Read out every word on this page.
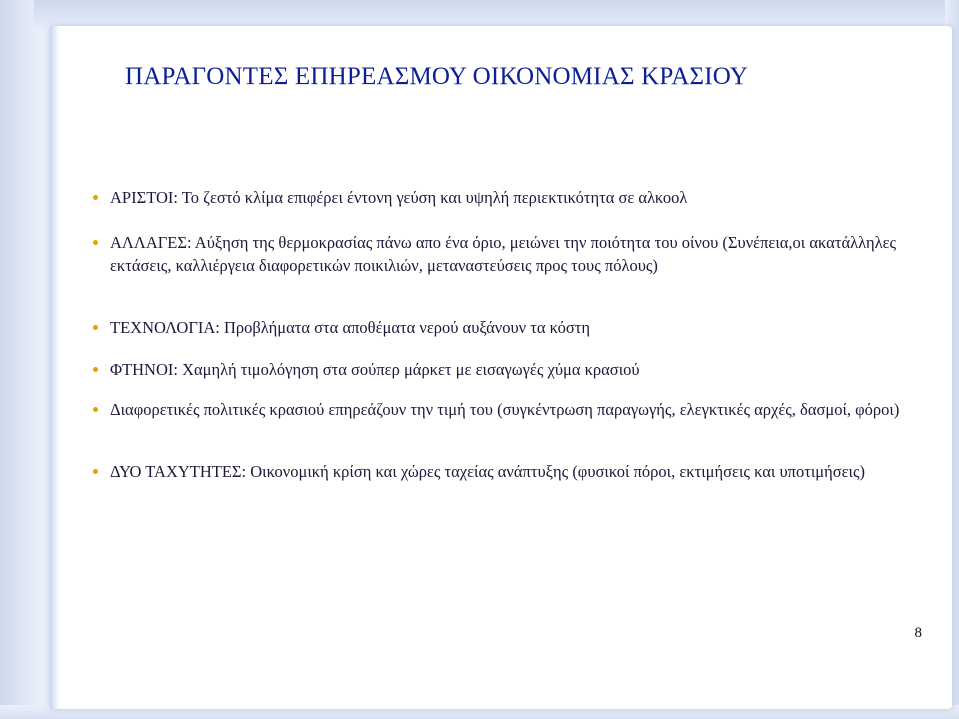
ΠΑΡΑΓΟΝΤΕΣ ΕΠΗΡΕΑΣΜΟΥ ΟΙΚΟΝΟΜΙΑΣ ΚΡΑΣΙΟΥ
ΑΡΙΣΤΟΙ: Το ζεστό κλίμα επιφέρει έντονη γεύση και υψηλή περιεκτικότητα σε αλκοολ
ΑΛΛΑΓΕΣ: Αύξηση της θερμοκρασίας πάνω απο ένα όριο, μειώνει την ποιότητα του οίνου (Συνέπεια,οι ακατάλληλες εκτάσεις, καλλιέργεια διαφορετικών ποικιλιών, μεταναστεύσεις προς τους πόλους)
ΤΕΧΝΟΛΟΓΙΑ: Προβλήματα στα αποθέματα νερού αυξάνουν τα κόστη
ΦΤΗΝΟΙ: Χαμηλή τιμολόγηση στα σούπερ μάρκετ με εισαγωγές χύμα κρασιού
Διαφορετικές πολιτικές κρασιού επηρεάζουν την τιμή του (συγκέντρωση παραγωγής, ελεγκτικές αρχές, δασμοί, φόροι)
ΔΥΟ ΤΑΧΥΤΗΤΕΣ: Οικονομική κρίση και χώρες ταχείας ανάπτυξης (φυσικοί πόροι, εκτιμήσεις και υποτιμήσεις)
8
